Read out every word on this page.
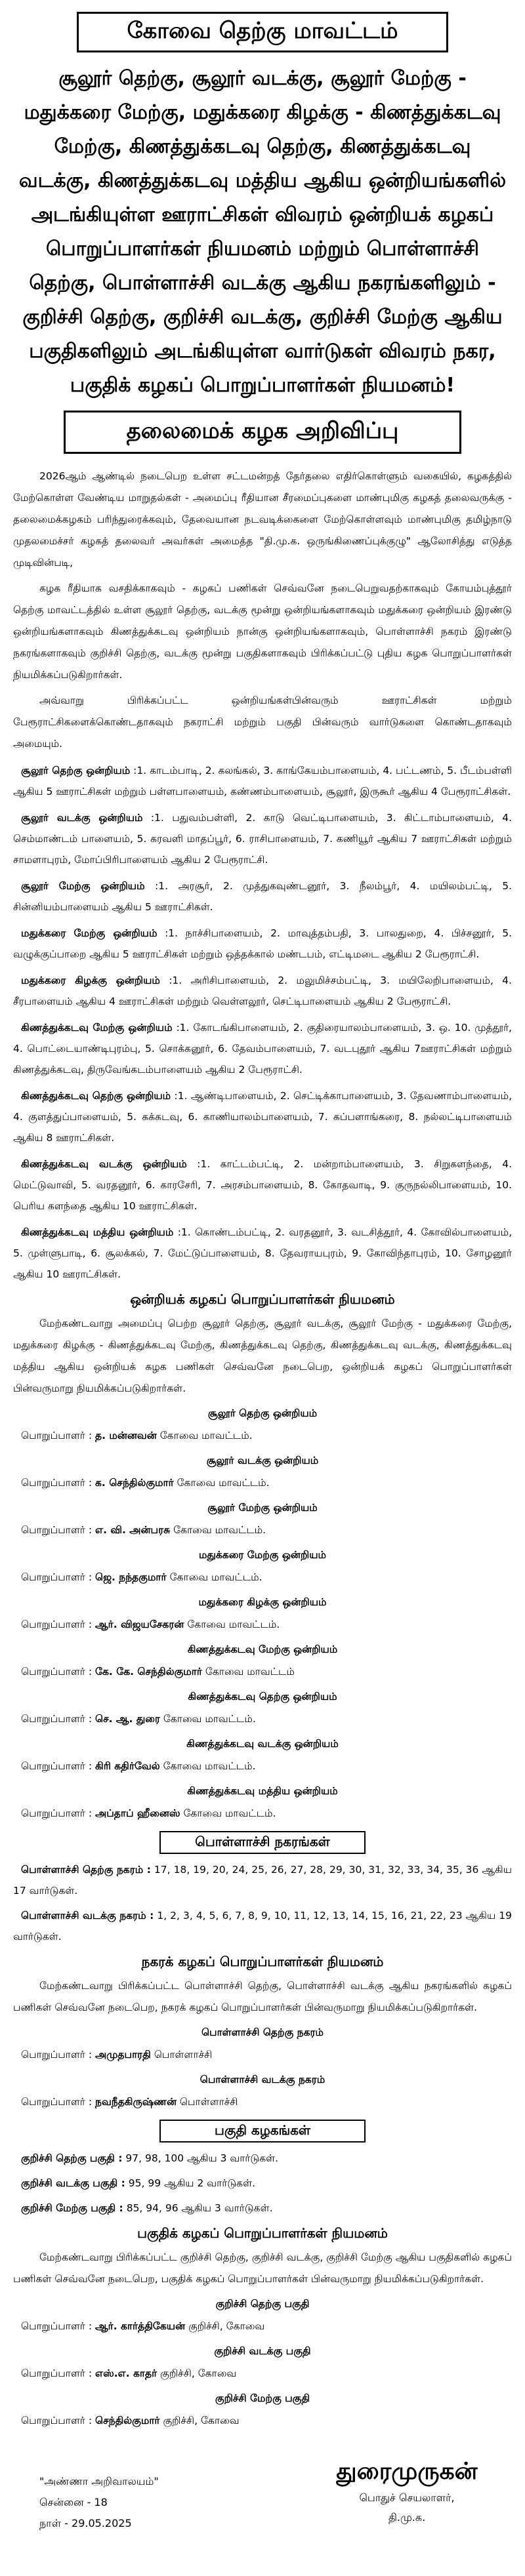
கோவை தெற்கு மாவட்டம்
சூலூர் தெற்கு, சூலூர் வடக்கு, சூலூர் மேற்கு - மதுக்கரை மேற்கு, மதுக்கரை கிழக்கு - கிணத்துக்கடவு மேற்கு, கிணத்துக்கடவு தெற்கு, கிணத்துக்கடவு வடக்கு, கிணத்துக்கடவு மத்திய ஆகிய ஒன்றியங்களில் அடங்கியுள்ள ஊராட்சிகள் விவரம் ஒன்றியக் கழகப் பொறுப்பாளர்கள் நியமனம் மற்றும் பொள்ளாச்சி தெற்கு, பொள்ளாச்சி வடக்கு ஆகிய நகரங்களிலும் - குறிச்சி தெற்கு, குறிச்சி வடக்கு, குறிச்சி மேற்கு ஆகிய பகுதிகளிலும் அடங்கியுள்ள வார்டுகள் விவரம் நகர, பகுதிக் கழகப் பொறுப்பாளர்கள் நியமனம்!
தலைமைக் கழக அறிவிப்பு

2026ஆம் ஆண்டில் நடைபெற உள்ள சட்டமன்றத் தேர்தலை எதிர்கொள்ளும் வகையில், கழகத்தில் மேற்கொள்ள வேண்டிய மாறுதல்கள் - அமைப்பு ரீதியான சீரமைப்புகளை மாண்புமிகு கழகத் தலைவருக்கு - தலைமைக்கழகம் பரிந்துரைக்கவும், தேவையான நடவடிக்கைளை மேற்கொள்ளவும் மாண்புமிகு தமிழ்நாடு முதலமைச்சர் கழகத் தலைவர் அவர்கள் அமைத்த "தி.மு.க. ஒருங்கிணைப்புக்குழு" ஆலோசித்து எடுத்த முடிவின்படி,

கழக ரீதியாக வசதிக்காகவும் - கழகப் பணிகள் செவ்வனே நடைபெறுவதற்காகவும் கோயம்புத்தூர் தெற்கு மாவட்டத்தில் உள்ள சூலூர் தெற்கு, வடக்கு மூன்று ஒன்றியங்களாகவும் மதுக்கரை ஒன்றியம் இரண்டு ஒன்றியங்களாகவும் கிணத்துக்கடவு ஒன்றியம் நான்கு ஒன்றியங்களாகவும், பொள்ளாச்சி நகரம் இரண்டு நகரங்களாகவும் குறிச்சி தெற்கு, வடக்கு மூன்று பகுதிகளாகவும் பிரிக்கப்பட்டு புதிய கழக பொறுப்பாளர்கள் நியமிக்கப்படுகிறார்கள்.

அவ்வாறு பிரிக்கப்பட்ட ஒன்றியங்கள்பின்வரும் ஊராட்சிகள் மற்றும் பேரூராட்சிகளைக்கொண்டதாகவும் நகராட்சி மற்றும் பகுதி பின்வரும் வார்டுகளை கொண்டதாகவும் அமையும்.

சூலூர் தெற்கு ஒன்றியம் :1. காடம்பாடி, 2. கலங்கல், 3. காங்கேயம்பாளையம், 4. பட்டணம், 5. பீடம்பள்ளி ஆகிய 5 ஊராட்சிகள் மற்றும் பள்ளபாளையம், கண்ணம்பாளையம், சூலூர், இருகூர் ஆகிய 4 பேரூராட்சிகள்.

சூலூர் வடக்கு ஒன்றியம் :1. பதுவம்பள்ளி, 2. காடு வெட்டிபாளையம், 3. கிட்டாம்பாளையம், 4. செம்மாண்டம் பாளையம், 5. கரவளி மாதப்பூர், 6. ராசிபாளையம், 7. கணியூர் ஆகிய 7 ஊராட்சிகள் மற்றும் சாமளாபுரம், மோப்பிரிபாளையம் ஆகிய 2 பேரூராட்சி.

சூலூர் மேற்கு ஒன்றியம் :1. அரசூர், 2. முத்துகவுண்டனூர், 3. நீலம்பூர், 4. மயிலம்பட்டி, 5. சின்னியம்பாளையம் ஆகிய 5 ஊராட்சிகள்.

மதுக்கரை மேற்கு ஒன்றியம் :1. நாச்சிபாளையம், 2. மாவுத்தம்பதி, 3. பாலதுறை, 4. பிச்சனூர், 5. வழுக்குப்பாறை ஆகிய 5 ஊராட்சிகள் மற்றும் ஒத்தக்கால் மண்டபம், எட்டிமடை ஆகிய 2 பேரூராட்சி.

மதுக்கரை கிழக்கு ஒன்றியம் :1. அரிசிபாளையம், 2. மலுமிச்சம்பட்டி, 3. மயிலேறிபாளையம், 4. சீரபாளையம் ஆகிய 4 ஊராட்சிகள் மற்றும் வெள்ளலூர், செட்டிபாளையம் ஆகிய 2 பேரூராட்சி.

கிணத்துக்கடவு மேற்கு ஒன்றியம் :1. கோடங்கிபாளையம், 2. குதிரையாலம்பாளையம், 3. ஒ. 10. முத்தூர், 4. பொட்டையாண்டிபுரம்பு, 5. சொக்கனூர், 6. தேவம்பாளையம், 7. வடபுதூர் ஆகிய 7ஊராட்சிகள் மற்றும் கிணத்துக்கடவு, திருவேங்கடம்பாளையம் ஆகிய 2 பேரூராட்சி.

கிணத்துக்கடவு தெற்கு ஒன்றியம் :1. ஆண்டிபாளையம், 2. செட்டிக்காபாளையம், 3. தேவணாம்பாளையம், 4. குளத்துப்பாளையம், 5. கக்கடவு, 6. காணியாலம்பாளையம், 7. கப்பளாங்கரை, 8. நல்லட்டிபாளையம் ஆகிய 8 ஊராட்சிகள்.

கிணத்துக்கடவு வடக்கு ஒன்றியம் :1. காட்டம்பட்டி, 2. மன்றாம்பாளையம், 3. சிறுகளந்தை, 4. மெட்டுவாவி, 5. வரதனூர், 6. காரசேரி, 7. அரசம்பாளையம், 8. கோதவாடி, 9. குருநல்லிபாளையம், 10. பெரிய களந்தை ஆகிய 10 ஊராட்சிகள்.

கிணத்துக்கடவு மத்திய ஒன்றியம் :1. கொண்டம்பட்டி, 2. வரதனூர், 3. வடசித்தூர், 4. கோவில்பாளையம், 5. முள்ளுபாடி, 6. சூலக்கல், 7. மேட்டுப்பாளையம், 8. தேவராயபுரம், 9. கோவிந்தாபுரம், 10. சோழனூர் ஆகிய 10 ஊராட்சிகள்.

ஒன்றியக் கழகப் பொறுப்பாளர்கள் நியமனம்

மேற்கண்டவாறு அமைப்பு பெற்ற சூலூர் தெற்கு, சூலூர் வடக்கு, சூலூர் மேற்கு - மதுக்கரை மேற்கு, மதுக்கரை கிழக்கு - கிணத்துக்கடவு மேற்கு, கிணத்துக்கடவு தெற்கு, கிணத்துக்கடவு வடக்கு, கிணத்துக்கடவு மத்திய ஆகிய ஒன்றியக் கழக பணிகள் செவ்வனே நடைபெற, ஒன்றியக் கழகப் பொறுப்பாளர்கள் பின்வருமாறு நியமிக்கப்படுகிறார்கள்.

சூலூர் தெற்கு ஒன்றியம்
பொறுப்பாளர் : த. மன்னவன் கோவை மாவட்டம்.
சூலூர் வடக்கு ஒன்றியம்
பொறுப்பாளர் : க. செந்தில்குமார் கோவை மாவட்டம்.
சூலூர் மேற்கு ஒன்றியம்
பொறுப்பாளர் : எ. வி. அன்பரசு கோவை மாவட்டம்.
மதுக்கரை மேற்கு ஒன்றியம்
பொறுப்பாளர் : ஜெ. நந்தகுமார் கோவை மாவட்டம்.
மதுக்கரை கிழக்கு ஒன்றியம்
பொறுப்பாளர் : ஆர். விஜயசேகரன் கோவை மாவட்டம்.
கிணத்துக்கடவு மேற்கு ஒன்றியம்
பொறுப்பாளர் : கே. கே. செந்தில்குமார் கோவை மாவட்டம்
கிணத்துக்கடவு தெற்கு ஒன்றியம்
பொறுப்பாளர் : செ. ஆ. துரை கோவை மாவட்டம்.
கிணத்துக்கடவு வடக்கு ஒன்றியம்
பொறுப்பாளர் : கிரி கதிர்வேல் கோவை மாவட்டம்.
கிணத்துக்கடவு மத்திய ஒன்றியம்
பொறுப்பாளர் : அப்தாப் ஹீனைஸ் கோவை மாவட்டம்.
பொள்ளாச்சி நகரங்கள்

பொள்ளாச்சி தெற்கு நகரம் : 17, 18, 19, 20, 24, 25, 26, 27, 28, 29, 30, 31, 32, 33, 34, 35, 36 ஆகிய 17 வார்டுகள்.

பொள்ளாச்சி வடக்கு நகரம் : 1, 2, 3, 4, 5, 6, 7, 8, 9, 10, 11, 12, 13, 14, 15, 16, 21, 22, 23 ஆகிய 19 வார்டுகள்.

நகரக் கழகப் பொறுப்பாளர்கள் நியமனம்

மேற்கண்டவாறு பிரிக்கப்பட்ட பொள்ளாச்சி தெற்கு, பொள்ளாச்சி வடக்கு ஆகிய நகரங்களில் கழகப் பணிகள் செவ்வனே நடைபெற, நகரக் கழகப் பொறுப்பாளர்கள் பின்வருமாறு நியமிக்கப்படுகிறார்கள்.

பொள்ளாச்சி தெற்கு நகரம்
பொறுப்பாளர் : அமுதபாரதி பொள்ளாச்சி
பொள்ளாச்சி வடக்கு நகரம்
பொறுப்பாளர் : நவநீதகிருஷ்ணன் பொள்ளாச்சி
பகுதி கழகங்கள்

குறிச்சி தெற்கு பகுதி : 97, 98, 100 ஆகிய 3 வார்டுகள்.

குறிச்சி வடக்கு பகுதி : 95, 99 ஆகிய 2 வார்டுகள்.

குறிச்சி மேற்கு பகுதி : 85, 94, 96 ஆகிய 3 வார்டுகள்.

பகுதிக் கழகப் பொறுப்பாளர்கள் நியமனம்

மேற்கண்டவாறு பிரிக்கப்பட்ட குறிச்சி தெற்கு, குறிச்சி வடக்கு, குறிச்சி மேற்கு ஆகிய பகுதிகளில் கழகப் பணிகள் செவ்வனே நடைபெற, பகுதிக் கழகப் பொறுப்பாளர்கள் பின்வருமாறு நியமிக்கப்படுகிறார்கள்.

குறிச்சி தெற்கு பகுதி
பொறுப்பாளர் : ஆர். கார்த்திகேயன் குறிச்சி, கோவை
குறிச்சி வடக்கு பகுதி
பொறுப்பாளர் : எஸ்.எ. காதர் குறிச்சி, கோவை
குறிச்சி மேற்கு பகுதி
பொறுப்பாளர் : செந்தில்குமார் குறிச்சி, கோவை
"அண்ணா அறிவாலயம்"
சென்னை - 18
நாள் - 29.05.2025
துரைமுருகன்
பொதுச் செயலாளர்,
தி.மு.க.
